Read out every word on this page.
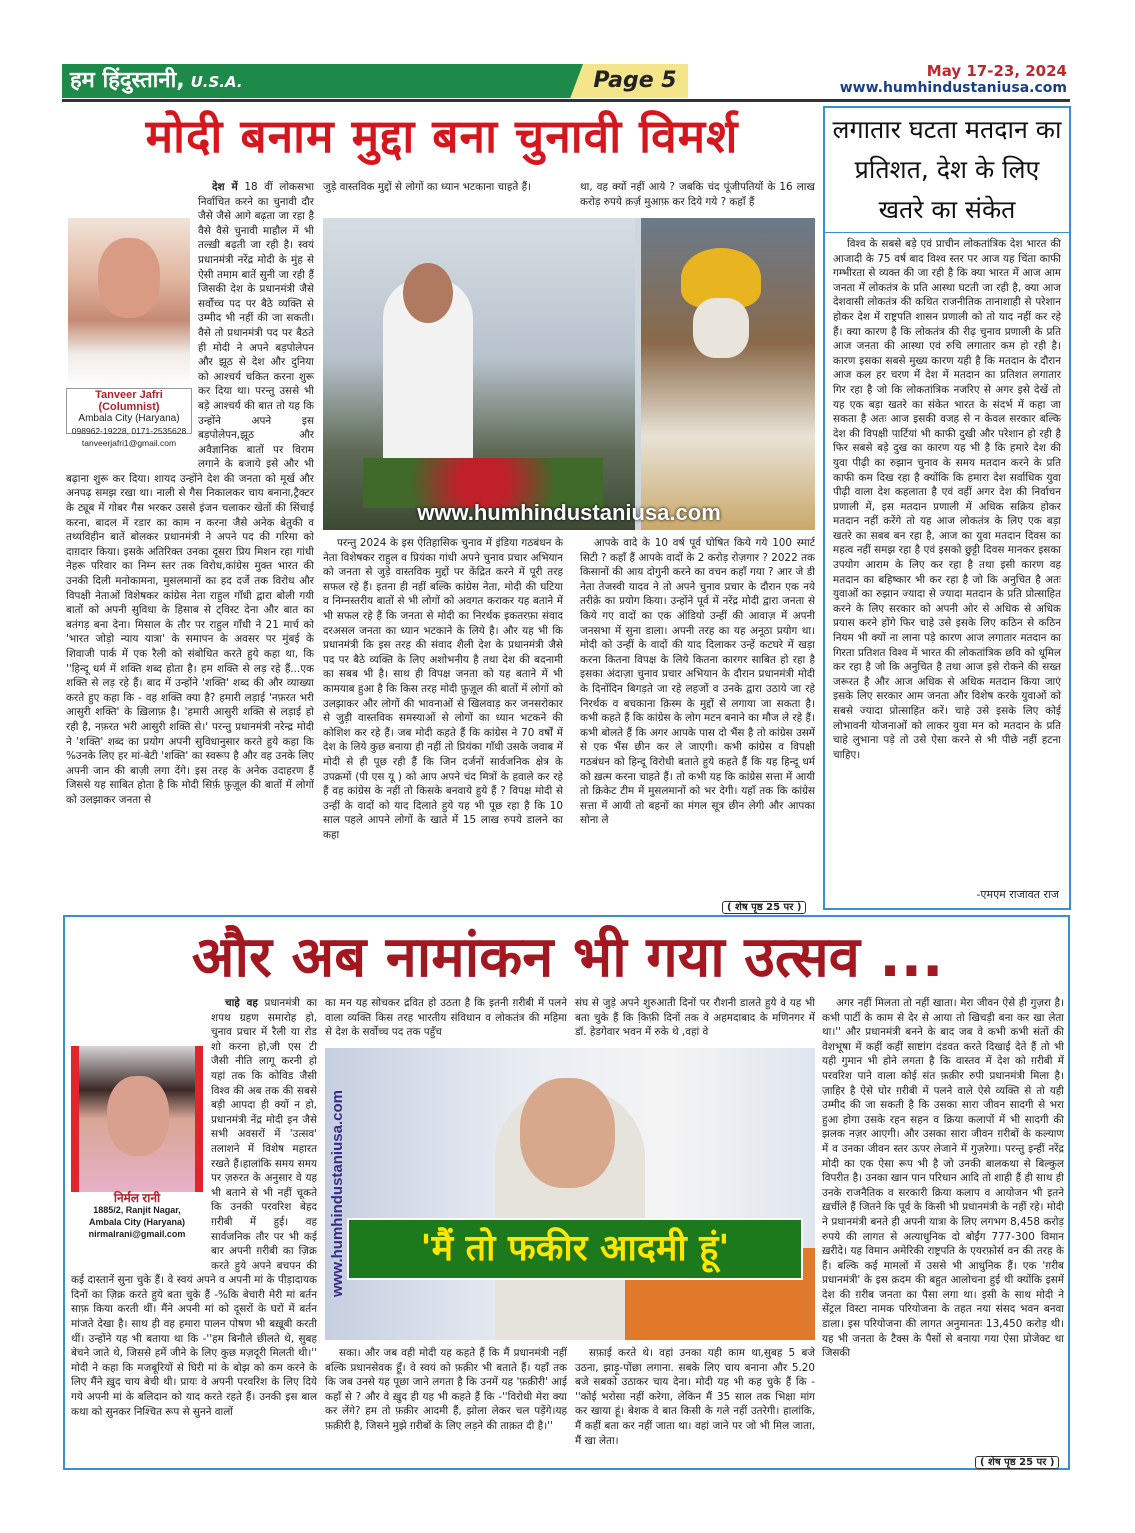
हम हिंदुस्तानी, U.S.A.	Page 5	May 17-23, 2024
www.humhindustaniusa.com
मोदी बनाम मुद्दा बना चुनावी विमर्श

देश में 18 वीं लोकसभा निर्वाचित करने का चुनावी दौर जैसे जैसे आगे बढ़ता जा रहा है वैसे वैसे चुनावी माहौल में भी तल्ख़ी बढ़ती जा रही है। स्वयं प्रधानमंत्री नरेंद्र मोदी के मुंह से ऐसी तमाम बातें सुनी जा रही हैं जिसकी देश के प्रधानमंत्री जैसे सर्वोच्च पद पर बैठे व्यक्ति से उम्मीद भी नहीं की जा सकती। वैसे तो प्रधानमंत्री पद पर बैठते ही मोदी ने अपने बड़पोलेपन और झूठ से देश और दुनिया को आश्चर्य चकित करना शुरू कर दिया था। परन्तु उससे भी बड़े आश्चर्य की बात तो यह कि उन्होंने अपने इस बड़पोलेपन,झूठ और अवैज्ञानिक बातों पर विराम लगाने के बजाये इसे और भी बढ़ाना शुरू कर दिया। शायद उन्होंने देश की जनता को मूर्ख और अनपढ़ समझ रखा था। नाली से गैस निकालकर चाय बनाना,ट्रैक्टर के ट्यूब में गोबर गैस भरकर उससे इंजन चलाकर खेतों की सिंचाई करना, बादल में रडार का काम न करना जैसे अनेक बेतुकी व तथ्यविहीन बातें बोलकर प्रधानमंत्री ने अपने पद की गरिमा को दाग़दार किया। इसके अतिरिक्त उनका दूसरा प्रिय मिशन रहा गांधी नेहरू परिवार का निम्न स्तर तक विरोध,कांग्रेस मुक्त भारत की उनकी दिली मनोकामना, मुसलमानों का हद दर्जे तक विरोध और विपक्षी नेताओं विशेषकर कांग्रेस नेता राहुल गाँधी द्वारा बोली गयी बातों को अपनी सुविधा के हिसाब से ट्विस्ट देना और बात का बतंगड़ बना देना। मिसाल के तौर पर राहुल गाँधी ने 21 मार्च को 'भारत जोड़ो न्याय यात्रा' के समापन के अवसर पर मुंबई के शिवाजी पार्क में एक रैली को संबोधित करते हुये कहा था, कि ''हिन्दू धर्म में शक्ति शब्द होता है। हम शक्ति से लड़ रहे हैं...एक शक्ति से लड़ रहे हैं। बाद में उन्होंने 'शक्ति' शब्द की और व्याख्या करते हुए कहा कि - वह शक्ति क्या है? हमारी लड़ाई 'नफ़रत भरी आसुरी शक्ति' के ख़िलाफ़ है। 'हमारी आसुरी शक्ति से लड़ाई हो रही है, नफ़रत भरी आसुरी शक्ति से।' परन्तु प्रधानमंत्री नरेन्द्र मोदी ने 'शक्ति' शब्द का प्रयोग अपनी सुविधानुसार करते हुये कहा कि %उनके लिए हर मां-बेटी 'शक्ति' का स्वरूप है और वह उनके लिए अपनी जान की बाज़ी लगा देंगे। इस तरह के अनेक उदाहरण हैं जिससे यह साबित होता है कि मोदी सिर्फ़ फ़ुज़ूल की बातों में लोगों को उलझाकर जनता से

Tanveer Jafri (Columnist)
Ambala City (Haryana)
098962-19228, 0171-2535628
tanveerjafri1@gmail.com
जुड़े वास्तविक मुद्दों से लोगों का ध्यान भटकाना चाहते हैं।	था, वह क्यों नहीं आये ? जबकि चंद पूंजीपतियों के 16 लाख करोड़ रुपये क़र्ज़ मुआफ़ कर दिये गये ? कहाँ हैं
www.humhindustaniusa.com

परन्तु 2024 के इस ऐतिहासिक चुनाव में इंडिया गठबंधन के नेता विशेषकर राहुल व प्रियंका गांधी अपने चुनाव प्रचार अभियान को जनता से जुड़े वास्तविक मुद्दों पर केंद्रित करने में पूरी तरह सफल रहे हैं। इतना ही नहीं बल्कि कांग्रेस नेता, मोदी की घटिया व निम्नस्तरीय बातों से भी लोगों को अवगत कराकर यह बताने में भी सफल रहे हैं कि जनता से मोदी का निरर्थक इकतरफ़ा संवाद दरअसल जनता का ध्यान भटकाने के लिये है। और यह भी कि प्रधानमंत्री कि इस तरह की संवाद शैली देश के प्रधानमंत्री जैसे पद पर बैठे व्यक्ति के लिए अशोभनीय है तथा देश की बदनामी का सबब भी है। साथ ही विपक्ष जनता को यह बताने में भी कामयाब हुआ है कि किस तरह मोदी फ़ुज़ूल की बातों में लोगों को उलझाकर और लोगों की भावनाओं से खिलवाड़ कर जनसरोकार से जुड़ी वास्तविक समस्याओं से लोगों का ध्यान भटकने की कोशिश कर रहे हैं। जब मोदी कहते हैं कि कांग्रेस ने 70 वर्षों में देश के लिये कुछ बनाया ही नहीं तो प्रियंका गाँधी उसके जवाब में मोदी से ही पूछ रही हैं कि जिन दर्जनों सार्वजनिक क्षेत्र के उपक्रमों (पी एस यू ) को आप अपने चंद मित्रों के हवाले कर रहे हैं वह कांग्रेस के नहीं तो किसके बनवाये हुये हैं ? विपक्ष मोदी से उन्हीं के वादों को याद दिलाते हुये यह भी पूछ रहा है कि 10 साल पहले आपने लोगों के खाते में 15 लाख रुपये डालने का कहा

आपके वादे के 10 वर्ष पूर्व घोषित किये गये 100 स्मार्ट सिटी ? कहाँ हैं आपके वादों के 2 करोड़ रोज़गार ? 2022 तक किसानों की आय दोगुनी करने का वचन कहाँ गया ? आर जे डी नेता तेजस्वी यादव ने तो अपने चुनाव प्रचार के दौरान एक नये तरीक़े का प्रयोग किया। उन्होंने पूर्व में नरेंद्र मोदी द्वारा जनता से किये गए वादों का एक ऑडियो उन्हीं की आवाज़ में अपनी जनसभा में सुना डाला। अपनी तरह का यह अनूठा प्रयोग था। मोदी को उन्हीं के वादों की याद दिलाकर उन्हें कटघरे में खड़ा करना कितना विपक्ष के लिये कितना कारगर साबित हो रहा है इसका अंदाज़ा चुनाव प्रचार अभियान के दौरान प्रधानमंत्री मोदी के दिनोंदिन बिगड़ते जा रहे लहजों व उनके द्वारा उठाये जा रहे निरर्थक व बचकाना क़िस्म के मुद्दों से लगाया जा सकता है। कभी कहते हैं कि कांग्रेस के लोग मटन बनाने का मौज ले रहे हैं। कभी बोलते हैं कि अगर आपके पास दो भैंस है तो कांग्रेस उसमें से एक भैंस छीन कर ले जाएगी। कभी कांग्रेस व विपक्षी गठबंधन को हिन्दू विरोधी बताते हुये कहते हैं कि यह हिन्दू धर्म को ख़त्म करना चाहते हैं। तो कभी यह कि कांग्रेस सत्ता में आयी तो क्रिकेट टीम में मुसलमानों को भर देगी। यहाँ तक कि कांग्रेस सत्ता में आयी तो बहनों का मंगल सूत्र छीन लेगी और आपका सोना ले

( शेष पृष्ठ 25 पर )
लगातार घटता मतदान का प्रतिशत, देश के लिए खतरे का संकेत

विश्व के सबसे बड़े एवं प्राचीन लोकतांत्रिक देश भारत की आजादी के 75 वर्ष बाद विश्व स्तर पर आज यह चिंता काफी गम्भीरता से व्यक्त की जा रही है कि क्या भारत में आज आम जनता में लोकतंत्र के प्रति आस्था घटती जा रही है, क्या आज देशवासी लोकतंत्र की कथित राजनीतिक तानाशाही से परेशान होकर देश में राष्ट्रपति शासन प्रणाली को तो याद नहीं कर रहे हैं। क्या कारण है कि लोकतंत्र की रीढ़ चुनाव प्रणाली के प्रति आज जनता की आस्था एवं रुचि लगातार कम हो रही है। कारण इसका सबसे मुख्य कारण यही है कि मतदान के दौरान आज कल हर चरण में देश में मतदान का प्रतिशत लगातार गिर रहा है जो कि लोकतांत्रिक नजरिए से अगर इसे देखें तो यह एक बड़ा खतरे का संकेत भारत के संदर्भ में कहा जा सकता है अतः आज इसकी वजह से न केवल सरकार बल्कि देश की विपक्षी पार्टियां भी काफी दुखी और परेशान हो रही है फिर सबसे बड़े दुख का कारण यह भी है कि हमारे देश की युवा पीढ़ी का रुझान चुनाव के समय मतदान करने के प्रति काफी कम दिख रहा है क्योंकि कि हमारा देश सर्वाधिक युवा पीढ़ी वाला देश कहलाता है एवं वहीं अगर देश की निर्वाचन प्रणाली में, इस मतदान प्रणाली में अधिक सक्रिय होकर मतदान नहीं करेंगे तो यह आज लोकतंत्र के लिए एक बड़ा खतरे का सबब बन रहा है, आज का युवा मतदान दिवस का महत्व नहीं समझ रहा है एवं इसको छुट्टी दिवस मानकर इसका उपयोग आराम के लिए कर रहा है तथा इसी कारण वह मतदान का बहिष्कार भी कर रहा है जो कि अनुचित है अतः युवाओं का रुझान ज्यादा से ज्यादा मतदान के प्रति प्रोत्साहित करने के लिए सरकार को अपनी ओर से अधिक से अधिक प्रयास करने होंगे फिर चाहे उसे इसके लिए कठिन से कठिन नियम भी क्यों ना लाना पड़े कारण आज लगातार मतदान का गिरता प्रतिशत विश्व में भारत की लोकतांत्रिक छवि को धूमिल कर रहा है जो कि अनुचित है तथा आज इसे रोकने की सख्त जरूरत है और आज अधिक से अधिक मतदान किया जाएं इसके लिए सरकार आम जनता और विशेष करके युवाओं को सबसे ज्यादा प्रोत्साहित करें। चाहे उसे इसके लिए कोई लोभावनी योजनाओं को लाकर युवा मन को मतदान के प्रति चाहे लुभाना पड़े तो उसे ऐसा करने से भी पीछे नहीं हटना चाहिए।

-एमएम राजावत राज
और अब नामांकन भी गया उत्सव ...

चाहे वह प्रधानमंत्री का शपथ ग्रहण समारोह हो, चुनाव प्रचार में रैली या रोड शो करना हो,जी एस टी जैसी नीति लागू करनी हो यहां तक कि कोविड जैसी विश्व की अब तक की सबसे बड़ी आपदा ही क्यों न हो, प्रधानमंत्री नेंद्र मोदी इन जैसे सभी अवसरों में 'उत्सव' तलाशने में विशेष महारत रखते हैं।हालांकि समय समय पर ज़रुरत के अनुसार वे यह भी बताने से भी नहीं चूकते कि उनकी परवरिश बेहद ग़रीबी में हुई। वह सार्वजनिक तौर पर भी कई बार अपनी ग़रीबी का ज़िक्र करते हुये अपने बचपन की कई दास्तानें सुना चुके हैं। वे स्वयं अपने व अपनी मां के पीड़ादायक दिनों का ज़िक्र करते हुये बता चुके हैं -%कि बेचारी मेरी मां बर्तन साफ़ किया करती थीं। मैंने अपनी मां को दूसरों के घरों में बर्तन मांजते देखा है। साथ ही वह हमारा पालन पोषण भी बख़ूबी करती थीं। उन्होंने यह भी बताया था कि -''हम बिनौले छीलते थे, सुबह बेचने जाते थे, जिससे हमें जीने के लिए कुछ मज़दूरी मिलती थी।'' मोदी ने कहा कि मजबूरियों से घिरी मां के बोझ को कम करने के लिए मैंने ख़ुद चाय बेची थी। प्रायः वे अपनी परवरिश के लिए दिये गये अपनी मां के बलिदान को याद करते रहते हैं। उनकी इस बाल कथा को सुनकर निश्चित रूप से सुनने वालों

निर्मल रानी
1885/2, Ranjit Nagar,
Ambala City (Haryana)
nirmalrani@gmail.com
का मन यह सोचकर द्रवित हो उठता है कि इतनी ग़रीबी में पलने वाला व्यक्ति किस तरह भारतीय संविधान व लोकतंत्र की महिमा से देश के सर्वोच्च पद तक पहुँच
संघ से जुड़े अपने शुरुआती दिनों पर रौशनी डालते हुये वे यह भी बता चुके हैं कि कि़फ़ी दिनों तक वे अहमदाबाद के मणिनगर में डॉ. हेडगेवार भवन में रुके थे ,वहां वे
www.humhindustaniusa.com	'मैं तो फकीर आदमी हूं'

सका। और जब वही मोदी यह कहते हैं कि मैं प्रधानमंत्री नहीं बल्कि प्रधानसेवक हूँ। वे स्वयं को फ़क़ीर भी बताते हैं। यहाँ तक कि जब उनसे यह पूछा जाने लगता है कि उनमें यह 'फ़क़ीरी' आई कहाँ से ? और वे ख़ुद ही यह भी कहते हैं कि -''विरोधी मेरा क्या कर लेंगे? हम तो फ़क़ीर आदमी हैं, झोला लेकर चल पड़ेंगे।यह फ़क़ीरी है, जिसने मुझे ग़रीबों के लिए लड़ने की ताक़त दी है।''

सफ़ाई करते थे। वहां उनका यही काम था,सुबह 5 बजे उठना, झाड़ू-पोंछा लगाना. सबके लिए चाय बनाना और 5.20 बजे सबको उठाकर चाय देना। मोदी यह भी कह चुके हैं कि - ''कोई भरोसा नहीं करेगा, लेकिन मैं 35 साल तक भिक्षा मांग कर खाया हूं। बेशक वे बात किसी के गले नहीं उतरेगी। हालांकि, मैं कहीं बता कर नहीं जाता था। वहां जाने पर जो भी मिल जाता, मैं खा लेता।

अगर नहीं मिलता तो नहीं खाता। मेरा जीवन ऐसे ही गुज़रा है। कभी पार्टी के काम से देर से आया तो खिचड़ी बना कर खा लेता था।'' और प्रधानमंत्री बनने के बाद जब वे कभी कभी संतों की वेशभूषा में कहीं कहीं साष्टांग दंडवत करते दिखाई देते हैं तो भी यही गुमान भी होने लगता है कि वास्तव में देश को ग़रीबी में परवरिश पाने वाला कोई संत फ़क़ीर रुपी प्रधानमंत्री मिला है। ज़ाहिर है ऐसे घोर ग़रीबी में पलने वाले ऐसे व्यक्ति से तो यही उम्मीद की जा सकती है कि उसका सारा जीवन सादगी से भरा हुआ होगा उसके रहन सहन व क्रिया कलापों में भी सादगी की झलक नज़र आएगी। और उसका सारा जीवन ग़रीबों के कल्याण में व उनका जीवन स्तर ऊपर लेजाने में गुज़रेगा। परन्तु इन्हीं नरेंद्र मोदी का एक ऐसा रूप भी है जो उनकी बालकथा से बिल्कुल विपरीत है। उनका खान पान परिधान आदि तो शाही हैं ही साथ ही उनके राजनैतिक व सरकारी क्रिया कलाप व आयोजन भी इतने ख़र्चीले हैं जितने कि पूर्व के किसी भी प्रधानमंत्री के नहीं रहे। मोदी ने प्रधानमंत्री बनते ही अपनी यात्रा के लिए लगभग 8,458 करोड़ रुपये की लागत से अत्याधुनिक दो बोईंग 777-300 विमान ख़रीदे। यह विमान अमेरिकी राष्ट्रपति के एयरफ़ोर्स वन की तरह के हैं। बल्कि कई मामलों में उससे भी आधुनिक हैं। एक 'ग़रीब प्रधानमंत्री' के इस क़दम की बहुत आलोचना हुई थी क्योंकि इसमें देश की ग़रीब जनता का पैसा लगा था। इसी के साथ मोदी ने सेंट्रल विस्टा नामक परियोजना के तहत नया संसद भवन बनवा डाला। इस परियोजना की लागत अनुमानतः 13,450 करोड़ थी। यह भी जनता के टैक्स के पैसों से बनाया गया ऐसा प्रोजेक्ट था जिसकी

( शेष पृष्ठ 25 पर )
